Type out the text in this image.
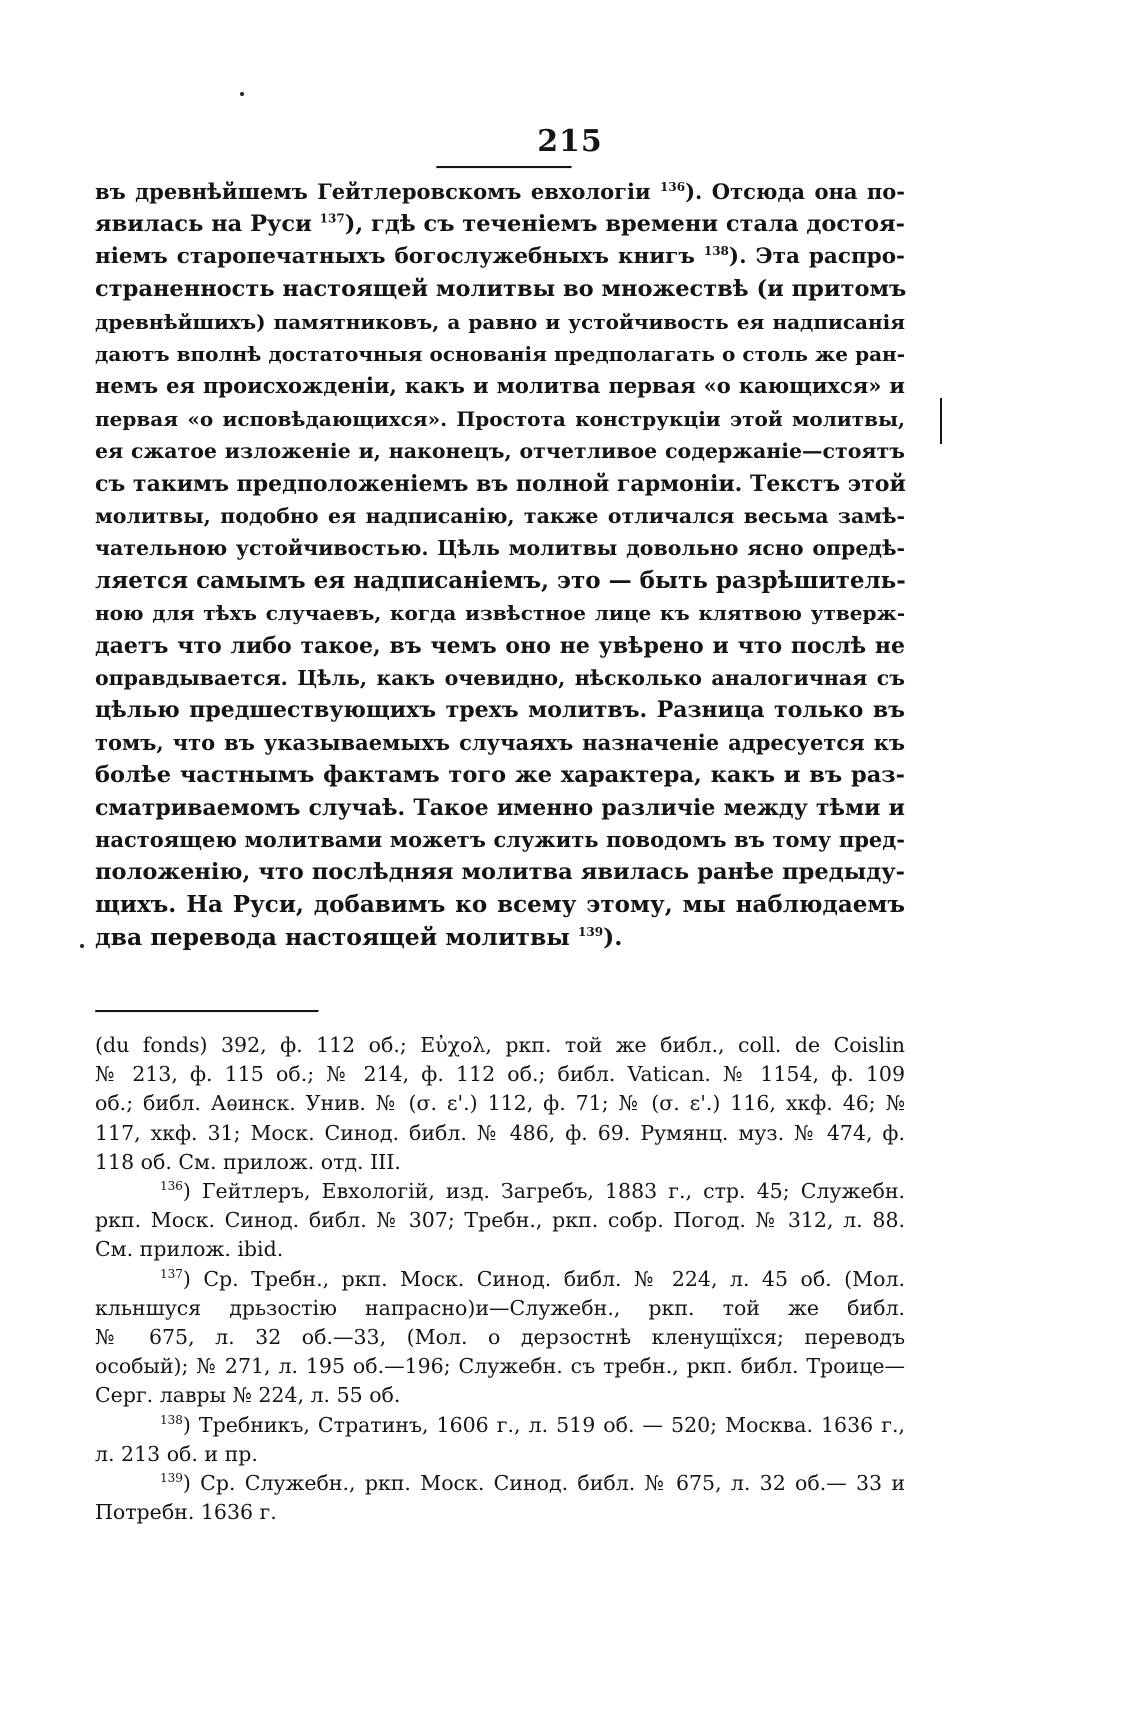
215

въ древнѣйшемъ Гейтлеровскомъ евхологіи $^{136}$). Отсюда она по-

явилась на Руси $^{137}$), гдѣ съ теченіемъ времени стала достоя-

ніемъ старопечатныхъ богослужебныхъ книгъ $^{138}$). Эта распро-

страненность настоящей молитвы во множествѣ (и притомъ

древнѣйшихъ) памятниковъ, а равно и устойчивость ея надписанія

даютъ вполнѣ достаточныя основанія предполагать о столь же ран-

немъ ея происхожденіи, какъ и молитва первая «о кающихся» и

первая «о исповѣдающихся». Простота конструкціи этой молитвы,

ея сжатое изложеніе и, наконецъ, отчетливое содержаніе—стоятъ

съ такимъ предположеніемъ въ полной гармоніи. Текстъ этой

молитвы, подобно ея надписанію, также отличался весьма замѣ-

чательною устойчивостью. Цѣль молитвы довольно ясно опредѣ-

ляется самымъ ея надписаніемъ, это — быть разрѣшитель-

ною для тѣхъ случаевъ, когда извѣстное лице къ клятвою утверж-

даетъ что либо такое, въ чемъ оно не увѣрено и что послѣ не

оправдывается. Цѣль, какъ очевидно, нѣсколько аналогичная съ

цѣлью предшествующихъ трехъ молитвъ. Разница только въ

томъ, что въ указываемыхъ случаяхъ назначеніе адресуется къ

болѣе частнымъ фактамъ того же характера, какъ и въ раз-

сматриваемомъ случаѣ. Такое именно различіе между тѣми и

настоящею молитвами можетъ служить поводомъ въ тому пред-

положенію, что послѣдняя молитва явилась ранѣе предыду-

щихъ. На Руси, добавимъ ко всему этому, мы наблюдаемъ

два перевода настоящей молитвы $^{139}$).

(du fonds) 392, ф. 112 об.; Εὐχολ, ркп. той же библ., coll. de Coislin

№ 213, ф. 115 об.; № 214, ф. 112 об.; библ. Vatican. № 1154, ф. 109

об.; библ. Аѳинск. Унив. № (σ. ε'.) 112, ф. 71; № (σ. ε'.) 116, хкф. 46; №

117, хкф. 31; Моск. Синод. библ. № 486, ф. 69. Румянц. муз. № 474, ф.

118 об. См. прилож. отд. III.

$^{136}$) Гейтлеръ, Евхологій, изд. Загребъ, 1883 г., стр. 45; Служебн.

ркп. Моск. Синод. библ. № 307; Требн., ркп. собр. Погод. № 312, л. 88.

См. прилож. ibid.

$^{137}$) Ср. Требн., ркп. Моск. Синод. библ. № 224, л. 45 об. (Мол.

кльншуся дрьзостію напрасно)и—Служебн., ркп. той же библ.

№ 675, л. 32 об.—33, (Мол. о дерзостнѣ кленущїхся; переводъ

особый); № 271, л. 195 об.—196; Служебн. съ требн., ркп. библ. Троице—

Серг. лавры № 224, л. 55 об.

$^{138}$) Требникъ, Стратинъ, 1606 г., л. 519 об. — 520; Москва. 1636 г.,

л. 213 об. и пр.

$^{139}$) Ср. Служебн., ркп. Моск. Синод. библ. № 675, л. 32 об.— 33 и

Потребн. 1636 г.
